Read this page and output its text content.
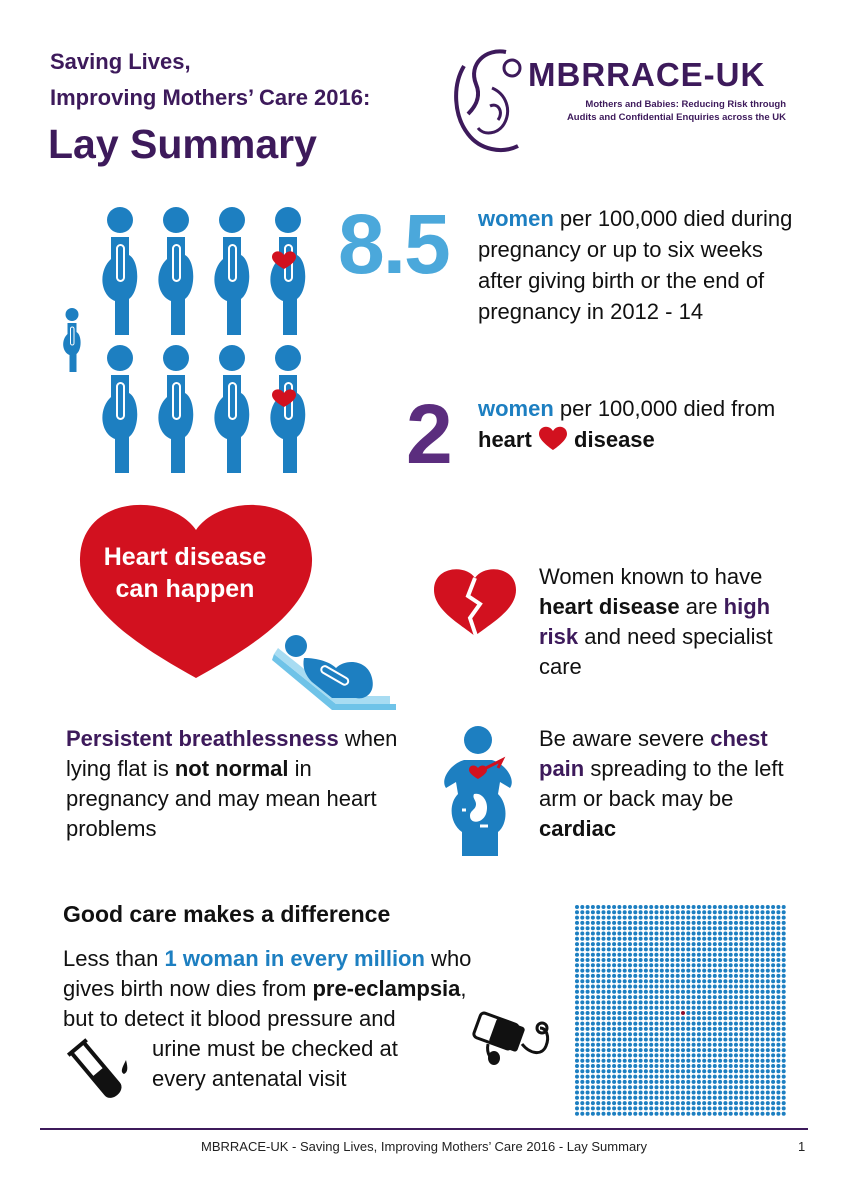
Saving Lives,
Improving Mothers’ Care 2016:
Lay Summary
MBRRACE-UK
Mothers and Babies: Reducing Risk through
Audits and Confidential Enquiries across the UK
8.5 women per 100,000 died during pregnancy or up to six weeks after giving birth or the end of pregnancy in 2012 - 14
2 women per 100,000 died from heart disease
Heart disease
can happen	Women known to have heart disease are high risk and need specialist care
Persistent breathlessness when lying flat is not normal in pregnancy and may mean heart problems
Be aware severe chest pain spreading to the left arm or back may be cardiac
Good care makes a difference
Less than 1 woman in every million who
gives birth now dies from pre-eclampsia,
but to detect it blood pressure and
urine must be checked at
every antenatal visit
MBRRACE-UK - Saving Lives, Improving Mothers’ Care 2016 - Lay Summary	1
